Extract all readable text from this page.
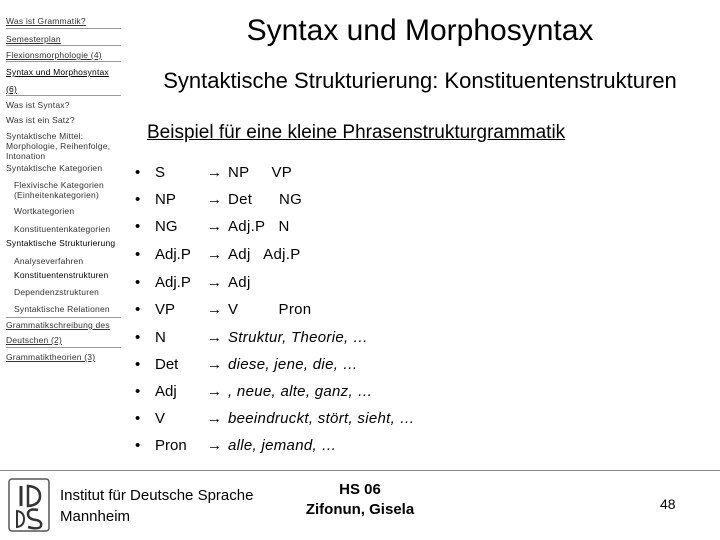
Was ist Grammatik?
Semesterplan
Flexionsmorphologie (4)
Syntax und Morphosyntax
(6)
Was ist Syntax?
Was ist ein Satz?
Syntaktische Mittel: Morphologie, Reihenfolge, Intonation
Syntaktische Kategorien
Flexivische Kategorien (Einheitenkategorien)
Wortkategorien
Konstituentenkategorien
Syntaktische Strukturierung
Analyseverfahren
Konstituentenstrukturen
Dependenzstrukturen
Syntaktische Relationen
Grammatikschreibung des
Deutschen (2)
Grammatiktheorien (3)
Syntax und Morphosyntax
Syntaktische Strukturierung: Konstituentenstrukturen
Beispiel für eine kleine Phrasenstrukturgrammatik
• S	→ NP     VP
• NP → Det      NG
• NG → Adj.P   N
• Adj.P → Adj   Adj.P
• Adj.P → Adj
• VP → V         Pron
• N	→ Struktur, Theorie, …
• Det → diese, jene, die, …
• Adj → , neue, alte, ganz, …
• V	→ beeindruckt, stört, sieht, …
• Pron → alle, jemand, …
Institut für Deutsche Sprache
Mannheim
HS 06
Zifonun, Gisela	48
